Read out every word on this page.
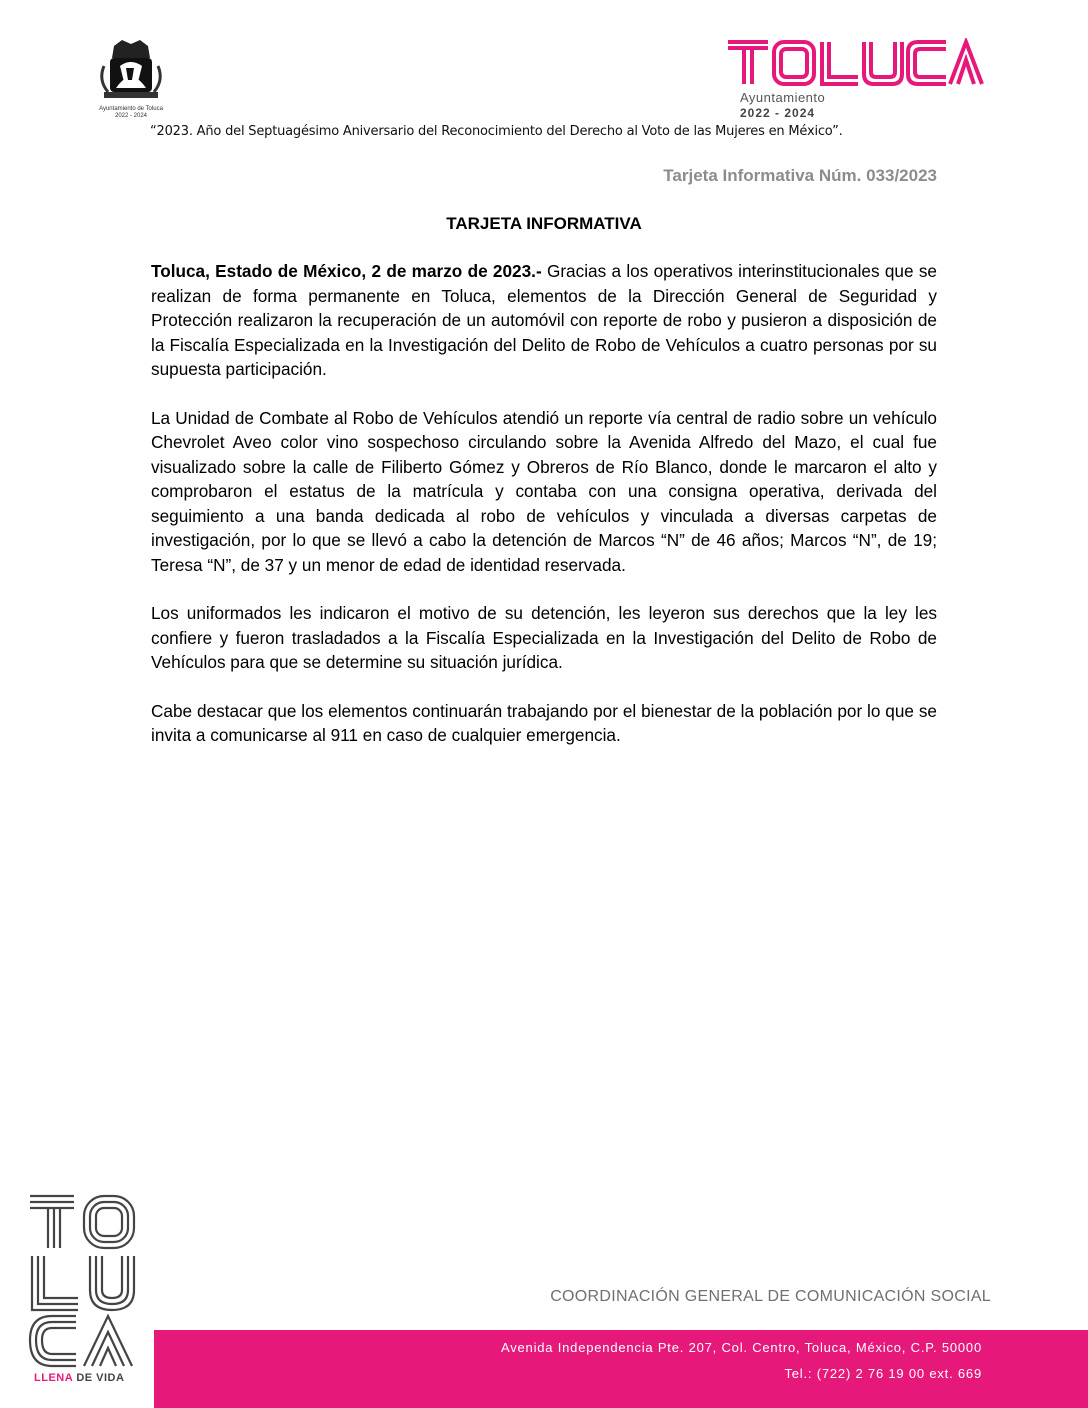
Ayuntamiento de Toluca
2022 - 2024
Ayuntamiento
2022 - 2024
“2023. Año del Septuagésimo Aniversario del Reconocimiento del Derecho al Voto de las Mujeres en México”.
Tarjeta Informativa Núm. 033/2023
TARJETA INFORMATIVA

Toluca, Estado de México, 2 de marzo de 2023.- Gracias a los operativos interinstitucionales que se realizan de forma permanente en Toluca, elementos de la Dirección General de Seguridad y Protección realizaron la recuperación de un automóvil con reporte de robo y pusieron a disposición de la Fiscalía Especializada en la Investigación del Delito de Robo de Vehículos a cuatro personas por su supuesta participación.

La Unidad de Combate al Robo de Vehículos atendió un reporte vía central de radio sobre un vehículo Chevrolet Aveo color vino sospechoso circulando sobre la Avenida Alfredo del Mazo, el cual fue visualizado sobre la calle de Filiberto Gómez y Obreros de Río Blanco, donde le marcaron el alto y comprobaron el estatus de la matrícula y contaba con una consigna operativa, derivada del seguimiento a una banda dedicada al robo de vehículos y vinculada a diversas carpetas de investigación, por lo que se llevó a cabo la detención de Marcos “N” de 46 años; Marcos “N”, de 19; Teresa “N”, de 37 y un menor de edad de identidad reservada.

Los uniformados les indicaron el motivo de su detención, les leyeron sus derechos que la ley les confiere y fueron trasladados a la Fiscalía Especializada en la Investigación del Delito de Robo de Vehículos para que se determine su situación jurídica.

Cabe destacar que los elementos continuarán trabajando por el bienestar de la población por lo que se invita a comunicarse al 911 en caso de cualquier emergencia.

LLENA DE VIDA
COORDINACIÓN GENERAL DE COMUNICACIÓN SOCIAL
Avenida Independencia Pte. 207, Col. Centro, Toluca, México, C.P. 50000
Tel.: (722) 2 76 19 00 ext. 669
